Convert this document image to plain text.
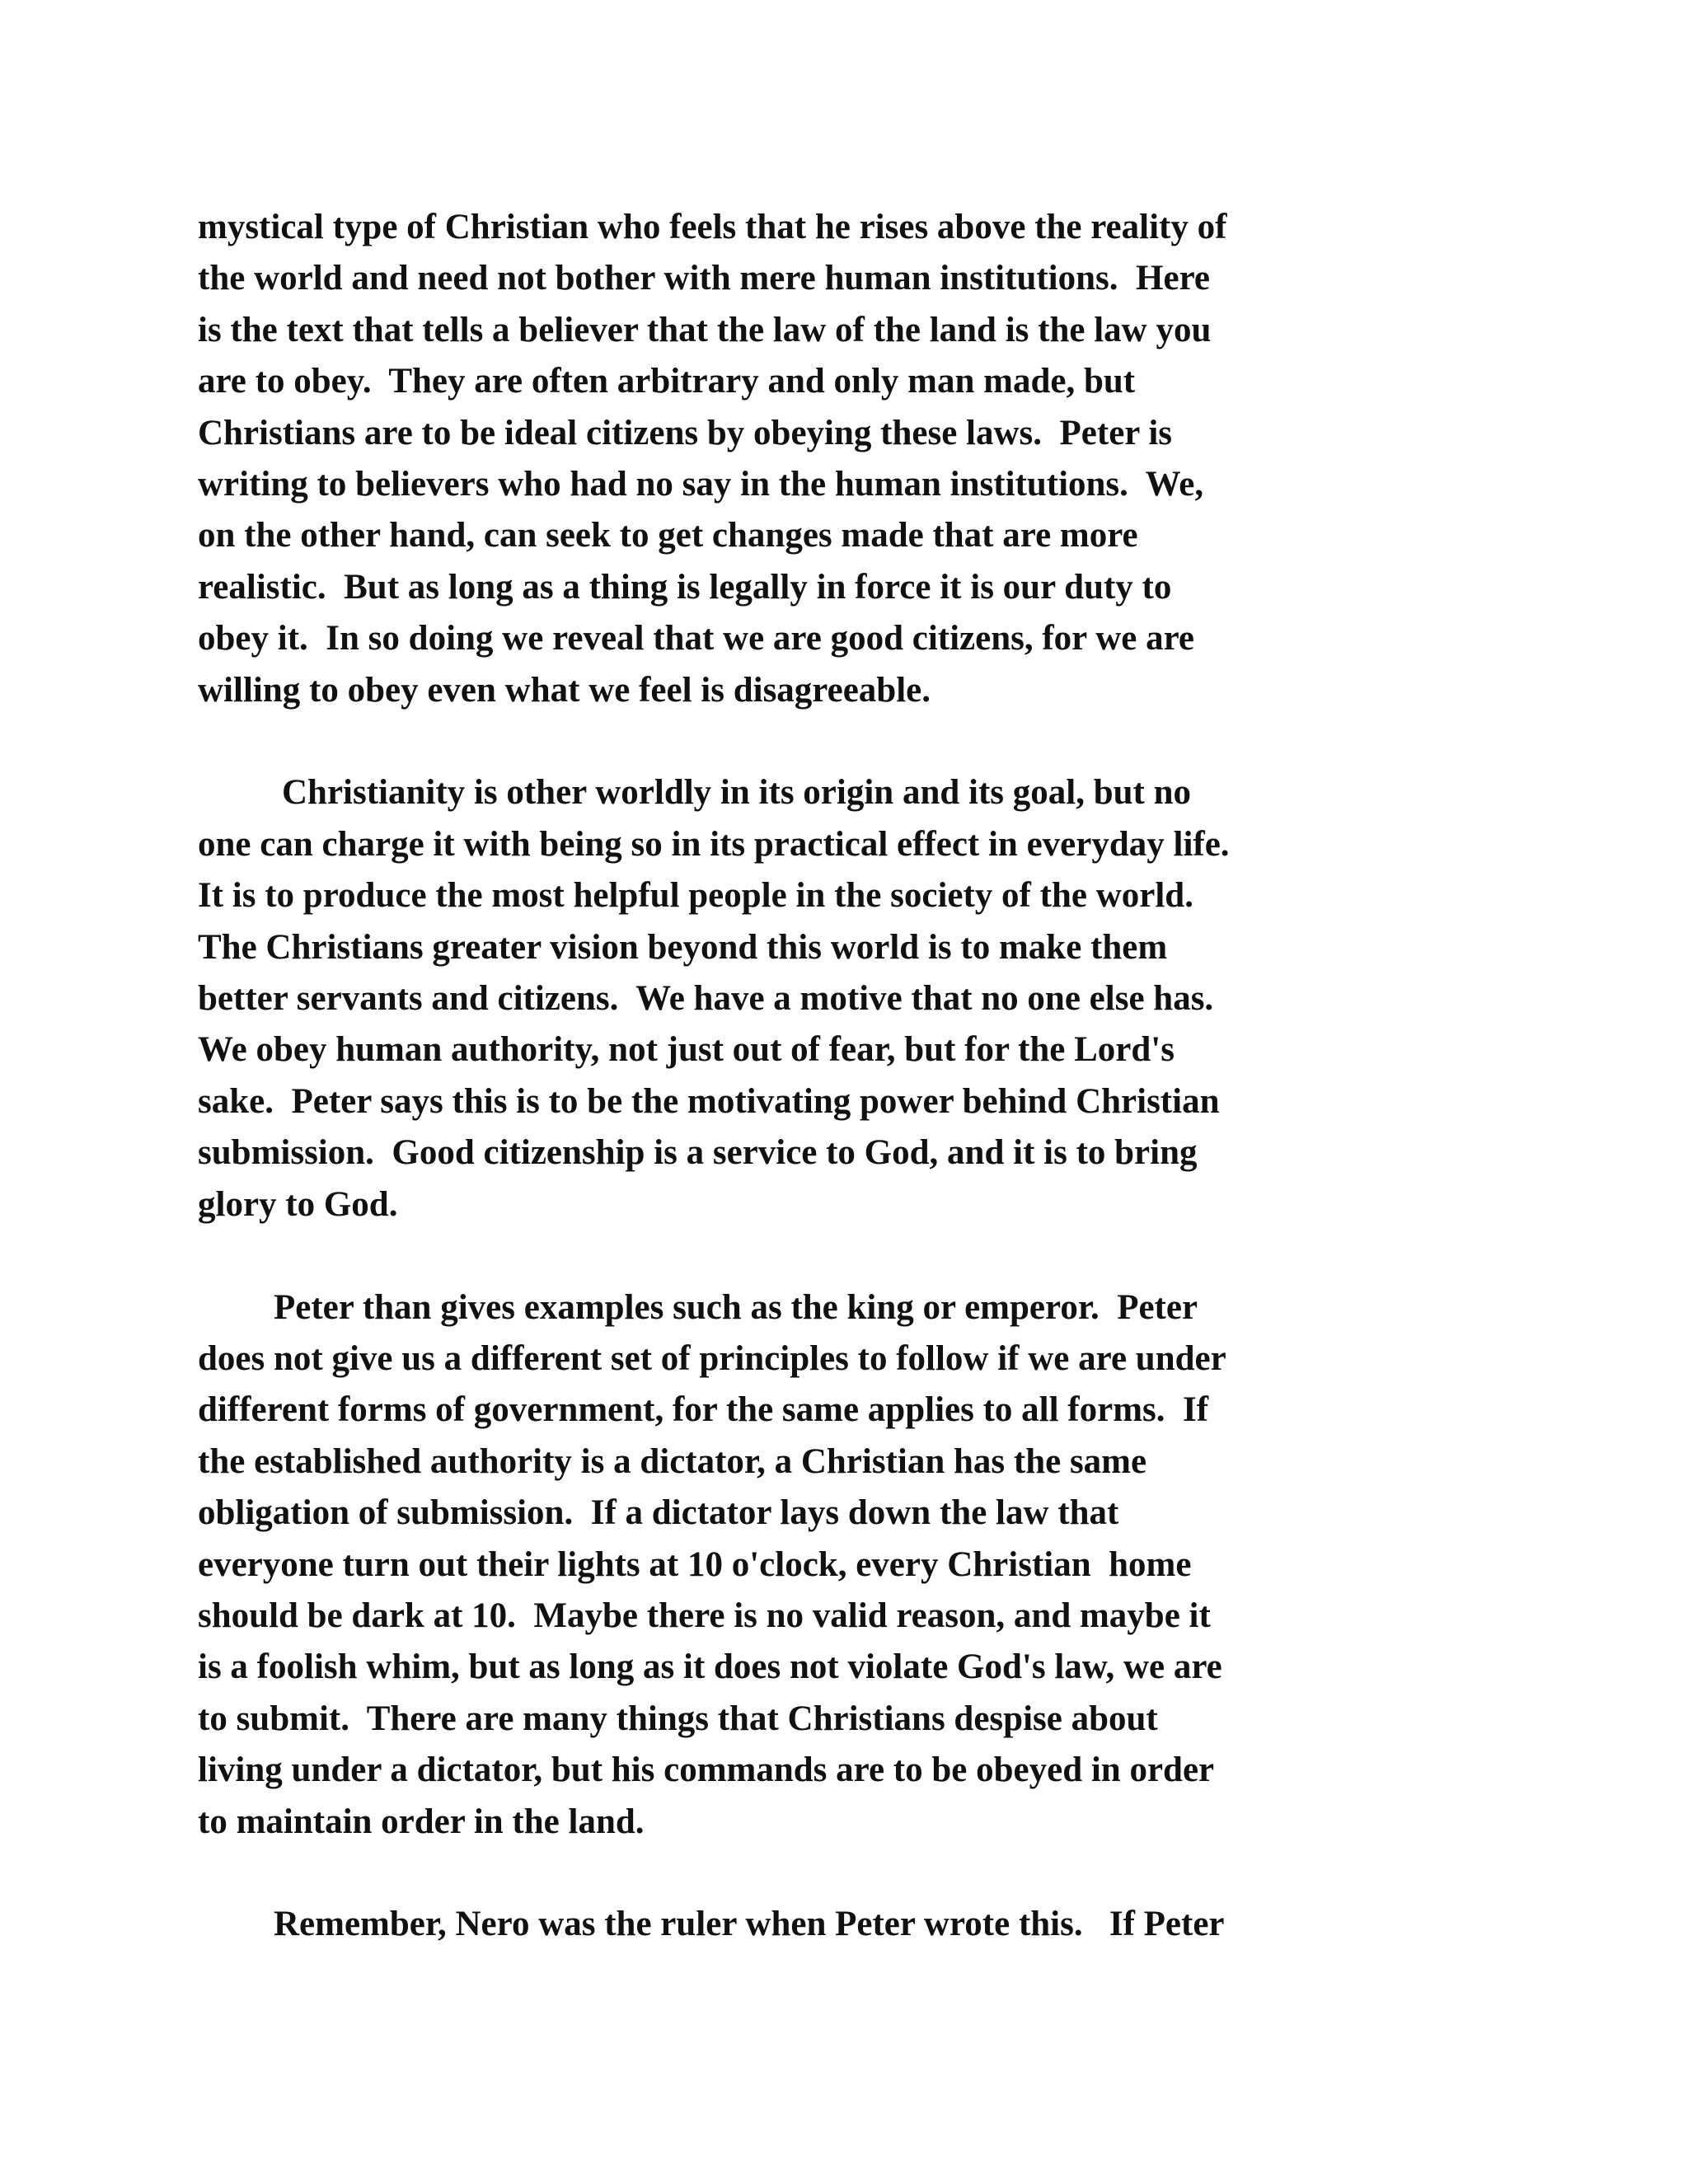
mystical type of Christian who feels that he rises above the reality of
the world and need not bother with mere human institutions.  Here
is the text that tells a believer that the law of the land is the law you
are to obey.  They are often arbitrary and only man made, but
Christians are to be ideal citizens by obeying these laws.  Peter is
writing to believers who had no say in the human institutions.  We,
on the other hand, can seek to get changes made that are more
realistic.  But as long as a thing is legally in force it is our duty to
obey it.  In so doing we reveal that we are good citizens, for we are
willing to obey even what we feel is disagreeable.
Christianity is other worldly in its origin and its goal, but no
one can charge it with being so in its practical effect in everyday life.
It is to produce the most helpful people in the society of the world.
The Christians greater vision beyond this world is to make them
better servants and citizens.  We have a motive that no one else has.
We obey human authority, not just out of fear, but for the Lord's
sake.  Peter says this is to be the motivating power behind Christian
submission.  Good citizenship is a service to God, and it is to bring
glory to God.
Peter than gives examples such as the king or emperor.  Peter
does not give us a different set of principles to follow if we are under
different forms of government, for the same applies to all forms.  If
the established authority is a dictator, a Christian has the same
obligation of submission.  If a dictator lays down the law that
everyone turn out their lights at 10 o'clock, every Christian  home
should be dark at 10.  Maybe there is no valid reason, and maybe it
is a foolish whim, but as long as it does not violate God's law, we are
to submit.  There are many things that Christians despise about
living under a dictator, but his commands are to be obeyed in order
to maintain order in the land.
Remember, Nero was the ruler when Peter wrote this.   If Peter
